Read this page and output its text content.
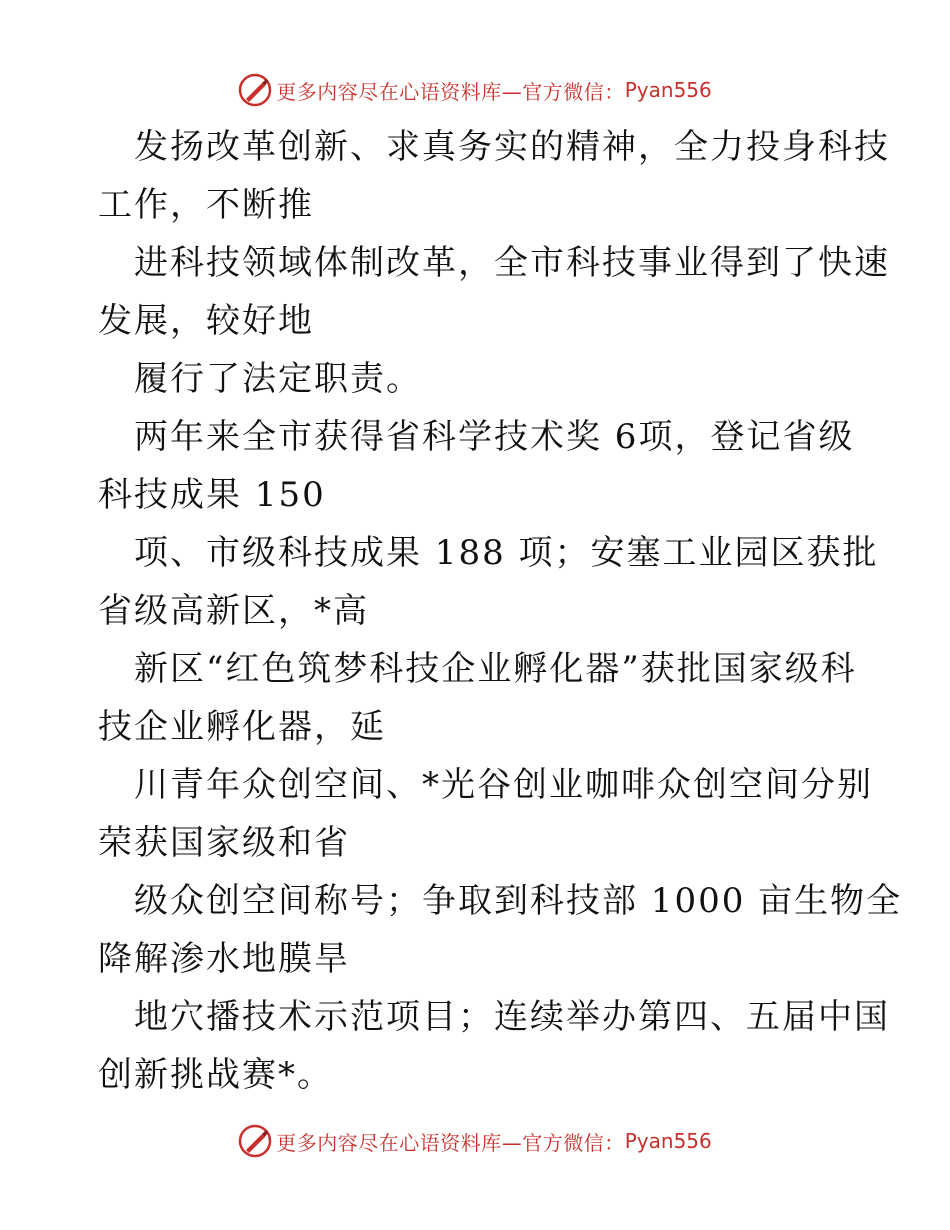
更多内容尽在心语资料库—官方微信： Pyan556
发扬改革创新、求真务实的精神，全力投身科技
工作，不断推
进科技领域体制改革，全市科技事业得到了快速
发展，较好地
履行了法定职责。
两年来全市获得省科学技术奖 6项，登记省级
科技成果 150
项、市级科技成果 188 项；安塞工业园区获批
省级高新区，*高
新区“红色筑梦科技企业孵化器”获批国家级科
技企业孵化器，延
川青年众创空间、*光谷创业咖啡众创空间分别
荣获国家级和省
级众创空间称号；争取到科技部 1000 亩生物全
降解渗水地膜旱
地穴播技术示范项目；连续举办第四、五届中国
创新挑战赛*。
更多内容尽在心语资料库—官方微信： Pyan556
